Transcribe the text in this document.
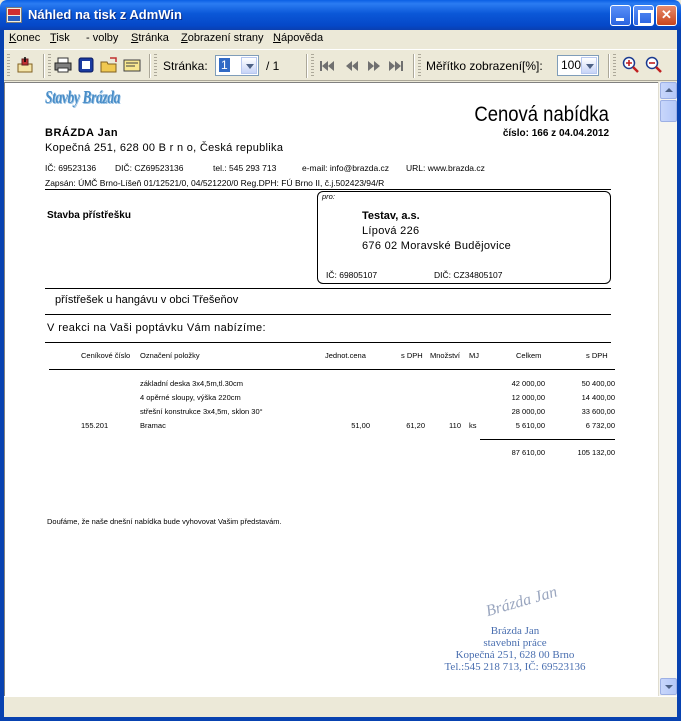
Náhled na tisk z AdmWin	✕
Konec Tisk - volby Stránka Zobrazení strany Nápověda
Stránka: 1	/ 1	Měřítko zobrazení[%]: 100
Stavby Brázda
Cenová nabídka
číslo: 166 z 04.04.2012
BRÁZDA Jan
Kopečná 251, 628 00 B r n o, Česká republika
IČ: 69523136 DIČ: CZ69523136	tel.: 545 293 713	e-mail: info@brazda.cz URL: www.brazda.cz
Zapsán: ÚMČ Brno-Líšeň 01/12521/0, 04/521220/0 Reg.DPH: FÚ Brno II, č.j.502423/94/R
Stavba přístřešku
pro:
Testav, a.s.
Lípová 226
676 02 Moravské Budějovice
IČ: 69805107	DIČ: CZ34805107
přístřešek u hangávu v obci Třešeňov
V reakci na Vaši poptávku Vám nabízíme:
Ceníkové číslo Označení položky	Jednot.cena	s DPH Množství MJ	Celkem	s DPH
základní deska 3x4,5m,tl.30cm	42 000,00	50 400,00
4 opěrné sloupy, výška 220cm	12 000,00	14 400,00
střešní konstrukce 3x4,5m, sklon 30°	28 000,00	33 600,00
155.201	Bramac	51,00	61,20	110 ks	5 610,00	6 732,00
87 610,00	105 132,00
Doufáme, že naše dnešní nabídka bude vyhovovat Vašim představám.
Brázda Jan
Brázda Jan
stavební práce
Kopečná 251, 628 00 Brno
Tel.:545 218 713, IČ: 69523136
